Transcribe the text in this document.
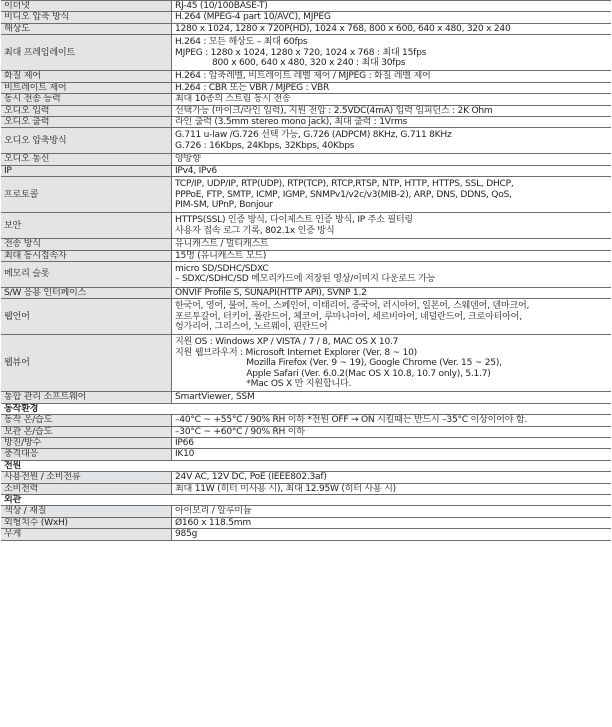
이더넷	RJ-45 (10/100BASE-T)

비디오 압축 방식	H.264 (MPEG-4 part 10/AVC), MJPEG

해상도	1280 x 1024, 1280 x 720P(HD), 1024 x 768, 800 x 600, 640 x 480, 320 x 240

최대 프레임레이트	H.264 : 모든 해상도 – 최대 60fps
MJPEG : 1280 x 1024, 1280 x 720, 1024 x 768 : 최대 15fps
800 x 600, 640 x 480, 320 x 240 : 최대 30fps

화질 제어	H.264 : 압축레벨, 비트레이트 레벨 제어 / MJPEG : 화질 레벨 제어

비트레이트 제어	H.264 : CBR 또는 VBR / MJPEG : VBR

동시 전송 능력	최대 10종의 스트림 동시 전송

오디오 입력	선택가능 (마이크/라인 입력), 지원 전압 : 2.5VDC(4mA) 입력 임피던스 : 2K Ohm

오디오 출력	라인 출력 (3.5mm stereo mono jack), 최대 출력 : 1Vrms

오디오 압축방식	G.711 u-law /G.726 선택 가능, G.726 (ADPCM) 8KHz, G.711 8KHz
G.726 : 16Kbps, 24Kbps, 32Kbps, 40Kbps

오디오 통신	양방향

IP	IPv4, IPv6

프로토콜	TCP/IP, UDP/IP, RTP(UDP), RTP(TCP), RTCP,RTSP, NTP, HTTP, HTTPS, SSL, DHCP,
PPPoE, FTP, SMTP, ICMP, IGMP, SNMPv1/v2c/v3(MIB-2), ARP, DNS, DDNS, QoS,
PIM-SM, UPnP, Bonjour

보안	HTTPS(SSL) 인증 방식, 다이제스트 인증 방식, IP 주소 필터링
사용자 접속 로그 기록, 802.1x 인증 방식

전송 방식	유니캐스트 / 멀티캐스트

최대 동시접속자	15명 (유니캐스트 모드)

메모리 슬롯	micro SD/SDHC/SDXC
– SDXC/SDHC/SD 메모리카드에 저장된 영상/이미지 다운로드 가능

S/W 응용 인터페이스	ONVIF Profile S, SUNAPI(HTTP API), SVNP 1.2

웹언어	한국어, 영어, 불어, 독어, 스페인어, 이태리어, 중국어, 러시아어, 일본어, 스웨덴어, 덴마크어,
포르투갈어, 터키어, 폴란드어, 체코어, 루마니아어, 세르비아어, 네덜란드어, 크로아티아어,
헝가리어, 그리스어, 노르웨이, 핀란드어

웹뷰어	지원 OS : Windows XP / VISTA / 7 / 8, MAC OS X 10.7
지원 웹브라우저 : Microsoft Internet Explorer (Ver. 8 ~ 10)
Mozilla Firefox (Ver. 9 ~ 19), Google Chrome (Ver. 15 ~ 25),
Apple Safari (Ver. 6.0.2(Mac OS X 10.8, 10.7 only), 5.1.7)
*Mac OS X 만 지원합니다.

통합 관리 소프트웨어	SmartViewer, SSM

동작환경	
동작 온/습도	–40°C ~ +55°C / 90% RH 이하 *전원 OFF → ON 시킬때는 반드시 –35°C 이상이어야 함.

보관 온/습도	–30°C ~ +60°C / 90% RH 이하

방진/방수	IP66

충격대응	IK10

전원	
사용전원 / 소비전류	24V AC, 12V DC, PoE (IEEE802.3af)

소비전력	최대 11W (히터 미사용 시), 최대 12.95W (히터 사용 시)

외관	
색상 / 재질	아이보리 / 알루미늄

외형치수 (WxH)	Ø160 x 118.5mm

무게	985g
